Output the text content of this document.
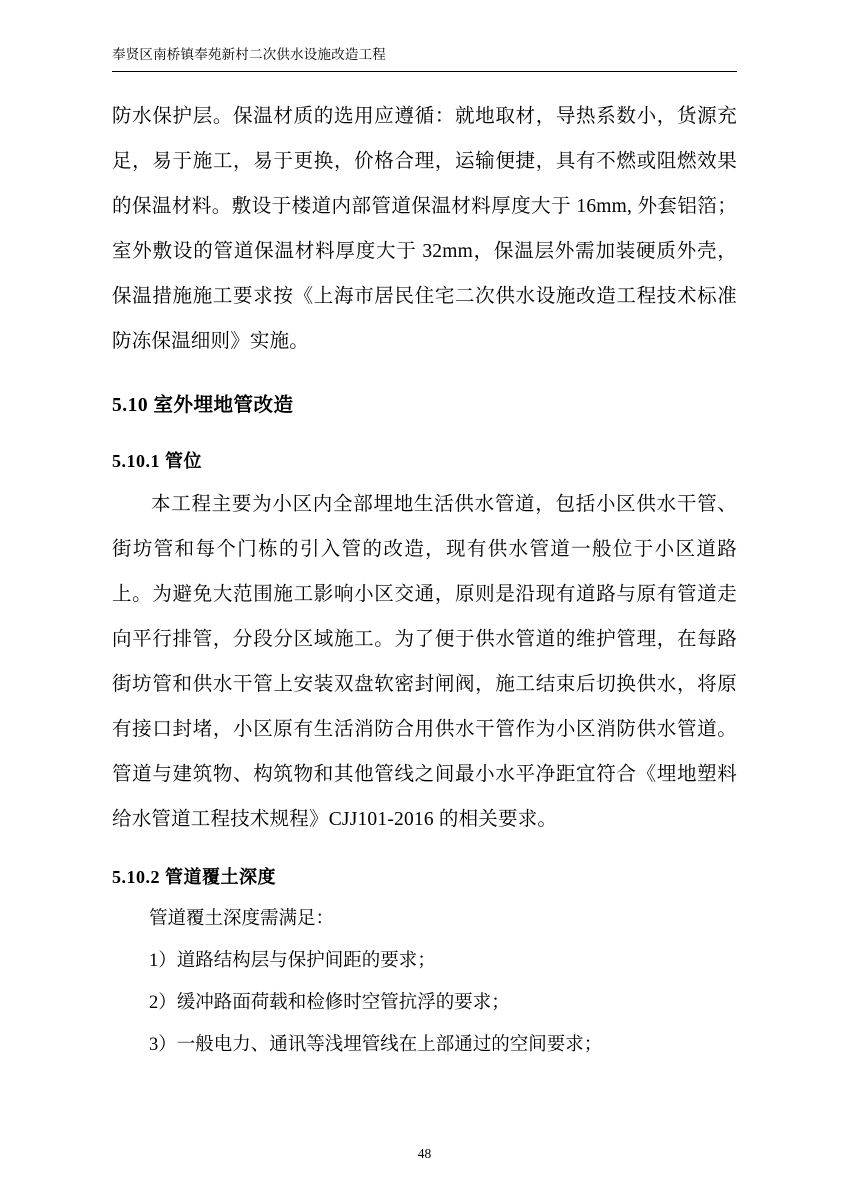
奉贤区南桥镇奉苑新村二次供水设施改造工程

防水保护层。保温材质的选用应遵循：就地取材，导热系数小，货源充足，易于施工，易于更换，价格合理，运输便捷，具有不燃或阻燃效果的保温材料。敷设于楼道内部管道保温材料厚度大于 16mm, 外套铝箔；室外敷设的管道保温材料厚度大于 32mm，保温层外需加装硬质外壳，保温措施施工要求按《上海市居民住宅二次供水设施改造工程技术标准防冻保温细则》实施。

5.10 室外埋地管改造
5.10.1 管位

本工程主要为小区内全部埋地生活供水管道，包括小区供水干管、街坊管和每个门栋的引入管的改造，现有供水管道一般位于小区道路上。为避免大范围施工影响小区交通，原则是沿现有道路与原有管道走向平行排管，分段分区域施工。为了便于供水管道的维护管理，在每路街坊管和供水干管上安装双盘软密封闸阀，施工结束后切换供水，将原有接口封堵，小区原有生活消防合用供水干管作为小区消防供水管道。管道与建筑物、构筑物和其他管线之间最小水平净距宜符合《埋地塑料给水管道工程技术规程》CJJ101-2016 的相关要求。

5.10.2 管道覆土深度

管道覆土深度需满足：

1）道路结构层与保护间距的要求；

2）缓冲路面荷载和检修时空管抗浮的要求；

3）一般电力、通讯等浅埋管线在上部通过的空间要求；

48
